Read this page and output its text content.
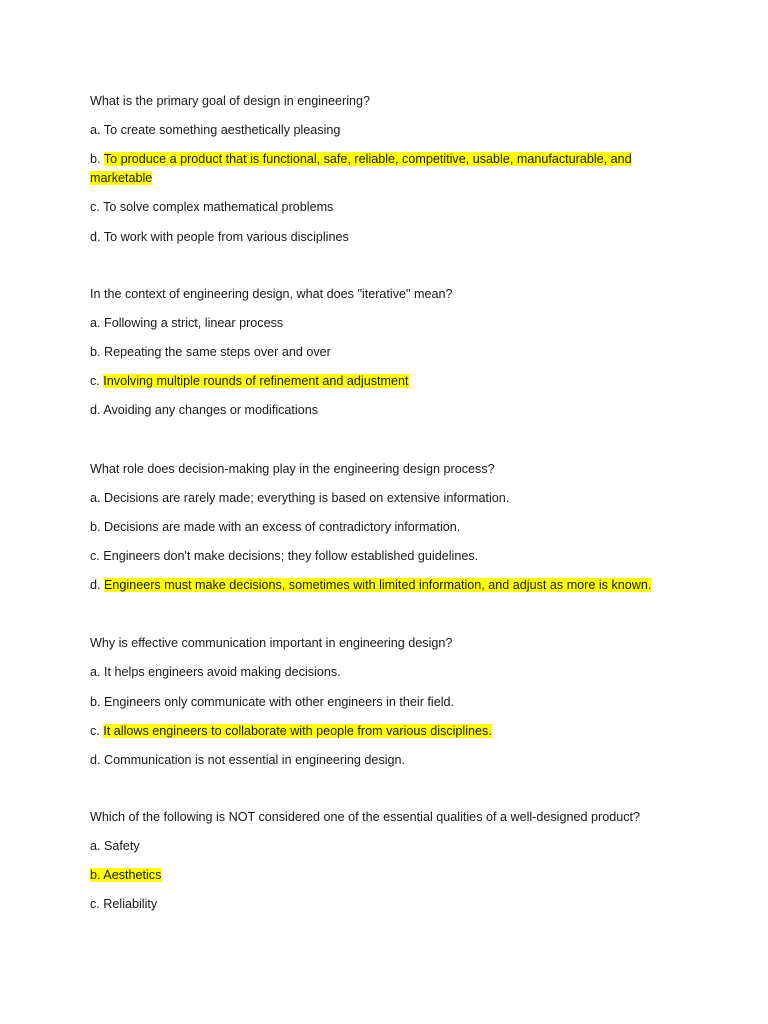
What is the primary goal of design in engineering?
a. To create something aesthetically pleasing
b. To produce a product that is functional, safe, reliable, competitive, usable, manufacturable, and marketable
c. To solve complex mathematical problems
d. To work with people from various disciplines
In the context of engineering design, what does "iterative" mean?
a. Following a strict, linear process
b. Repeating the same steps over and over
c. Involving multiple rounds of refinement and adjustment
d. Avoiding any changes or modifications
What role does decision-making play in the engineering design process?
a. Decisions are rarely made; everything is based on extensive information.
b. Decisions are made with an excess of contradictory information.
c. Engineers don't make decisions; they follow established guidelines.
d. Engineers must make decisions, sometimes with limited information, and adjust as more is known.
Why is effective communication important in engineering design?
a. It helps engineers avoid making decisions.
b. Engineers only communicate with other engineers in their field.
c. It allows engineers to collaborate with people from various disciplines.
d. Communication is not essential in engineering design.
Which of the following is NOT considered one of the essential qualities of a well-designed product?
a. Safety
b. Aesthetics
c. Reliability
